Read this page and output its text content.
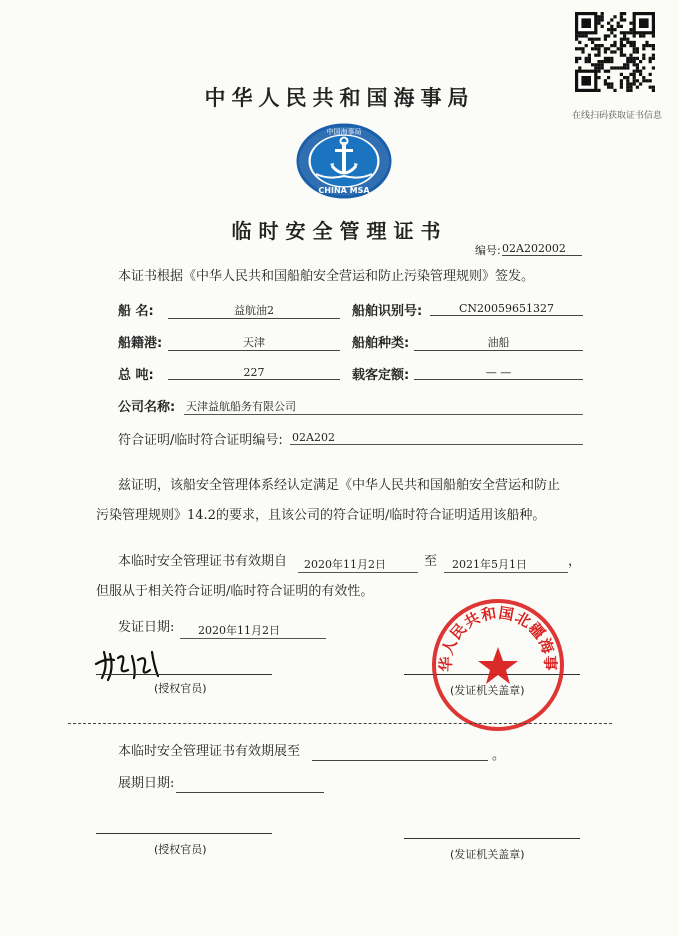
在线扫码获取证书信息
中华人民共和国海事局
中国海事局
CHINA MSA
临时安全管理证书
编号: 02A202002
本证书根据《中华人民共和国船舶安全营运和防止污染管理规则》签发。
船 名:	益航油2	船舶识别号:	CN20059651327
船籍港:	天津	船舶种类:	油船
总 吨:	227	载客定额:	— —
公司名称: 天津益航船务有限公司
符合证明/临时符合证明编号: 02A202
兹证明，该船安全管理体系经认定满足《中华人民共和国船舶安全营运和防止
污染管理规则》14.2的要求，且该公司的符合证明/临时符合证明适用该船种。
本临时安全管理证书有效期自	2020年11月2日	至	2021年5月1日	，
但服从于相关符合证明/临时符合证明的有效性。
发证日期:	2020年11月2日
(授权官员)	(发证机关盖章)
华人民共和国北疆海事
本临时安全管理证书有效期展至	。
展期日期:
(授权官员)	(发证机关盖章)
